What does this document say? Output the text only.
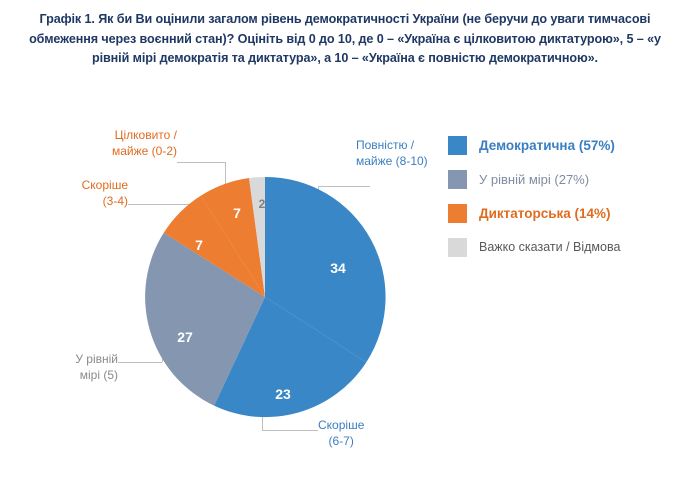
Графік 1. Як би Ви оцінили загалом рівень демократичності України (не беручи до уваги тимчасові обмеження через воєнний стан)? Оцініть від 0 до 10, де 0 – «Україна є цілковитою диктатурою», 5 – «у рівній мірі демократія та диктатура», а 10 – «Україна є повністю демократичною».
34
23
27
7
7
2
Повністю /
майже (8-10)
Скоріше
(6-7)
У рівній
мірі (5)
Скоріше
(3-4)
Цілковито /
майже (0-2)	Демократична (57%)
У рівній мірі (27%)
Диктаторська (14%)
Важко сказати / Відмова
